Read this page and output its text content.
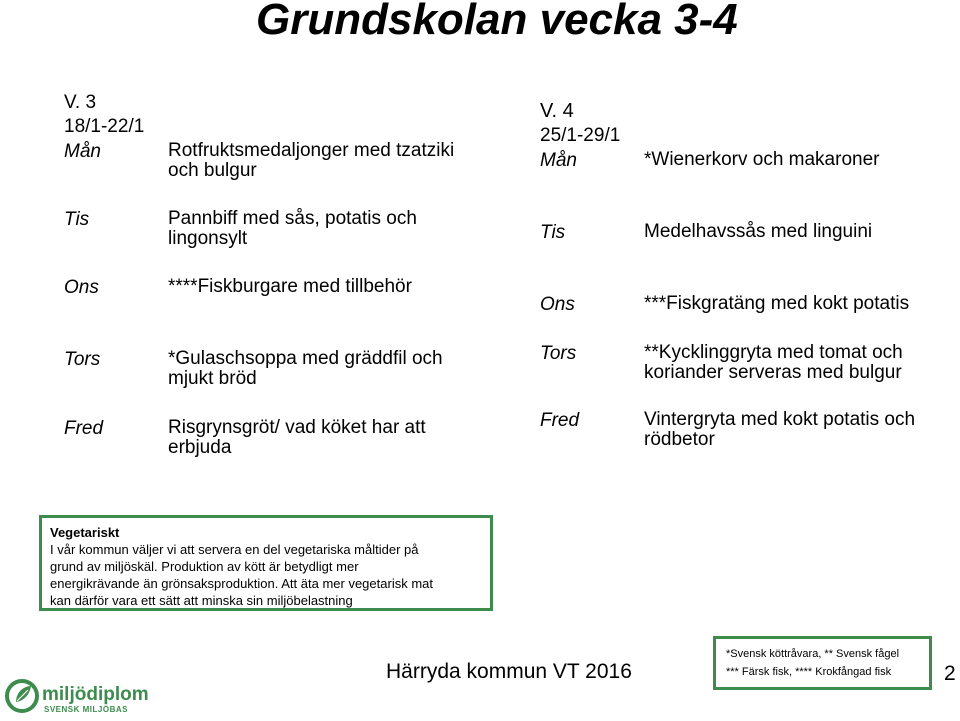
Grundskolan vecka 3-4
V. 3
18/1-22/1
Mån	Rotfruktsmedaljonger med tzatziki och bulgur
Tis	Pannbiff med sås, potatis och lingonsylt
Ons	****Fiskburgare med tillbehör
Tors	*Gulaschsoppa med gräddfil och mjukt bröd
Fred	Risgrynsgröt/ vad köket har att erbjuda
V. 4
25/1-29/1
Mån	*Wienerkorv och makaroner
Tis	Medelhavssås med linguini
Ons	***Fiskgratäng med kokt potatis
Tors	**Kycklinggryta med tomat och koriander serveras med bulgur
Fred	Vintergryta med kokt potatis och rödbetor
Vegetariskt
I vår kommun väljer vi att servera en del vegetariska måltider på
grund av miljöskäl. Produktion av kött är betydligt mer
energikrävande än grönsaksproduktion. Att äta mer vegetarisk mat
kan därför vara ett sätt att minska sin miljöbelastning
Härryda kommun VT 2016
*Svensk köttråvara, ** Svensk fågel
*** Färsk fisk, **** Krokfångad fisk	2
miljödiplom
SVENSK MILJÖBAS
